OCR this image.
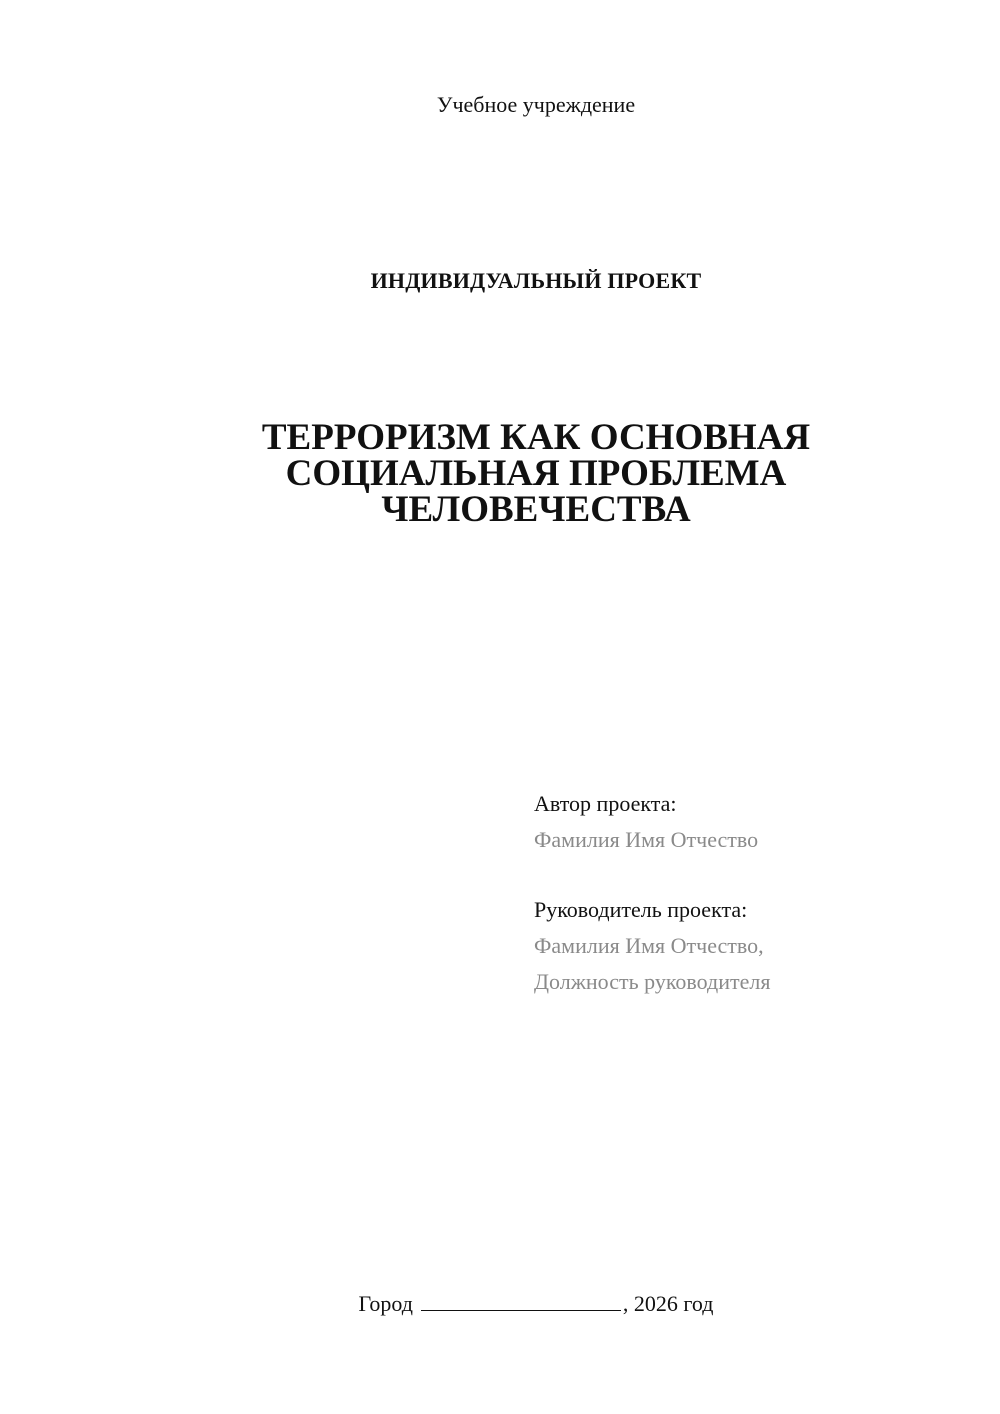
Учебное учреждение
ИНДИВИДУАЛЬНЫЙ ПРОЕКТ
ТЕРРОРИЗМ КАК ОСНОВНАЯ
СОЦИАЛЬНАЯ ПРОБЛЕМА
ЧЕЛОВЕЧЕСТВА
Автор проекта:
Фамилия Имя Отчество
Руководитель проекта:
Фамилия Имя Отчество,
Должность руководителя
Город	, 2026 год
